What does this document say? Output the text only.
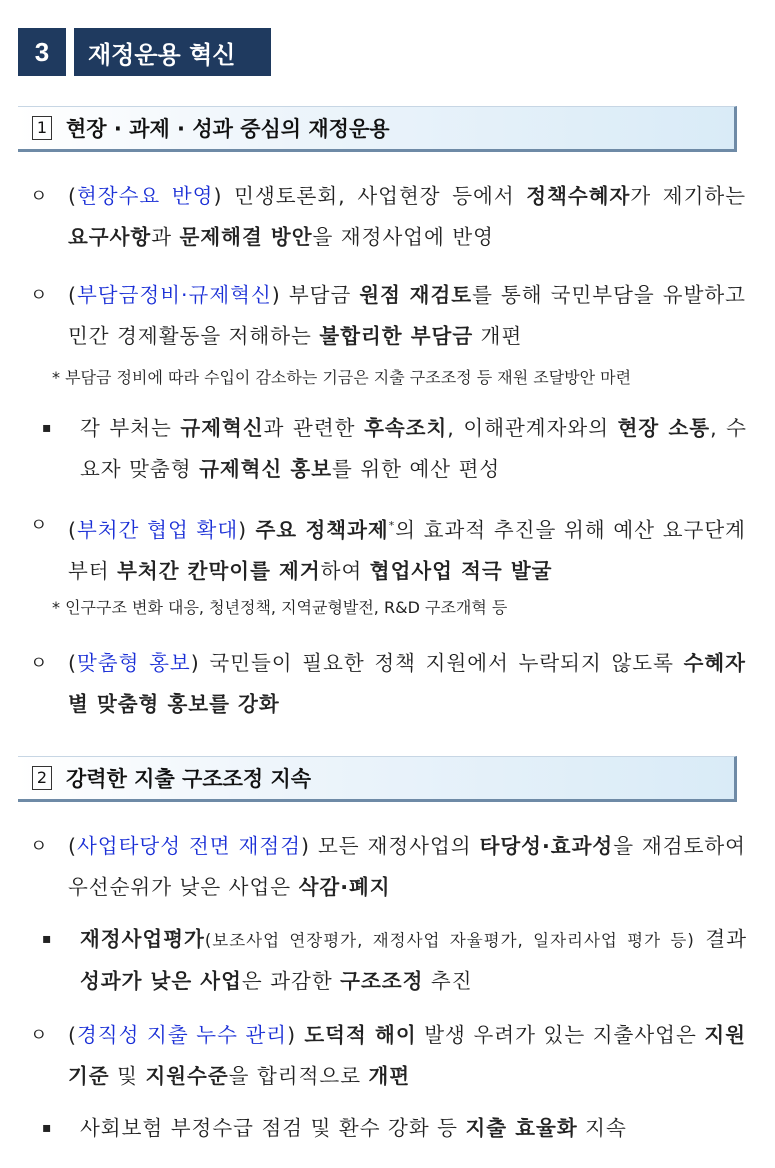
3	재정운용 혁신
1 현장 · 과제 · 성과 중심의 재정운용
ㅇ (현장수요 반영) 민생토론회, 사업현장 등에서 정책수혜자가 제기하는 요구사항과 문제해결 방안을 재정사업에 반영
ㅇ (부담금정비·규제혁신) 부담금 원점 재검토를 통해 국민부담을 유발하고 민간 경제활동을 저해하는 불합리한 부담금 개편
* 부담금 정비에 따라 수입이 감소하는 기금은 지출 구조조정 등 재원 조달방안 마련
▪ 각 부처는 규제혁신과 관련한 후속조치, 이해관계자와의 현장 소통, 수요자 맞춤형 규제혁신 홍보를 위한 예산 편성
ㅇ (부처간 협업 확대) 주요 정책과제*의 효과적 추진을 위해 예산 요구단계부터 부처간 칸막이를 제거하여 협업사업 적극 발굴
* 인구구조 변화 대응, 청년정책, 지역균형발전, R&D 구조개혁 등
ㅇ (맞춤형 홍보) 국민들이 필요한 정책 지원에서 누락되지 않도록 수혜자별 맞춤형 홍보를 강화
2 강력한 지출 구조조정 지속
ㅇ (사업타당성 전면 재점검) 모든 재정사업의 타당성·효과성을 재검토하여 우선순위가 낮은 사업은 삭감·폐지
▪ 재정사업평가(보조사업 연장평가, 재정사업 자율평가, 일자리사업 평가 등) 결과 성과가 낮은 사업은 과감한 구조조정 추진
ㅇ (경직성 지출 누수 관리) 도덕적 해이 발생 우려가 있는 지출사업은 지원기준 및 지원수준을 합리적으로 개편
▪ 사회보험 부정수급 점검 및 환수 강화 등 지출 효율화 지속
